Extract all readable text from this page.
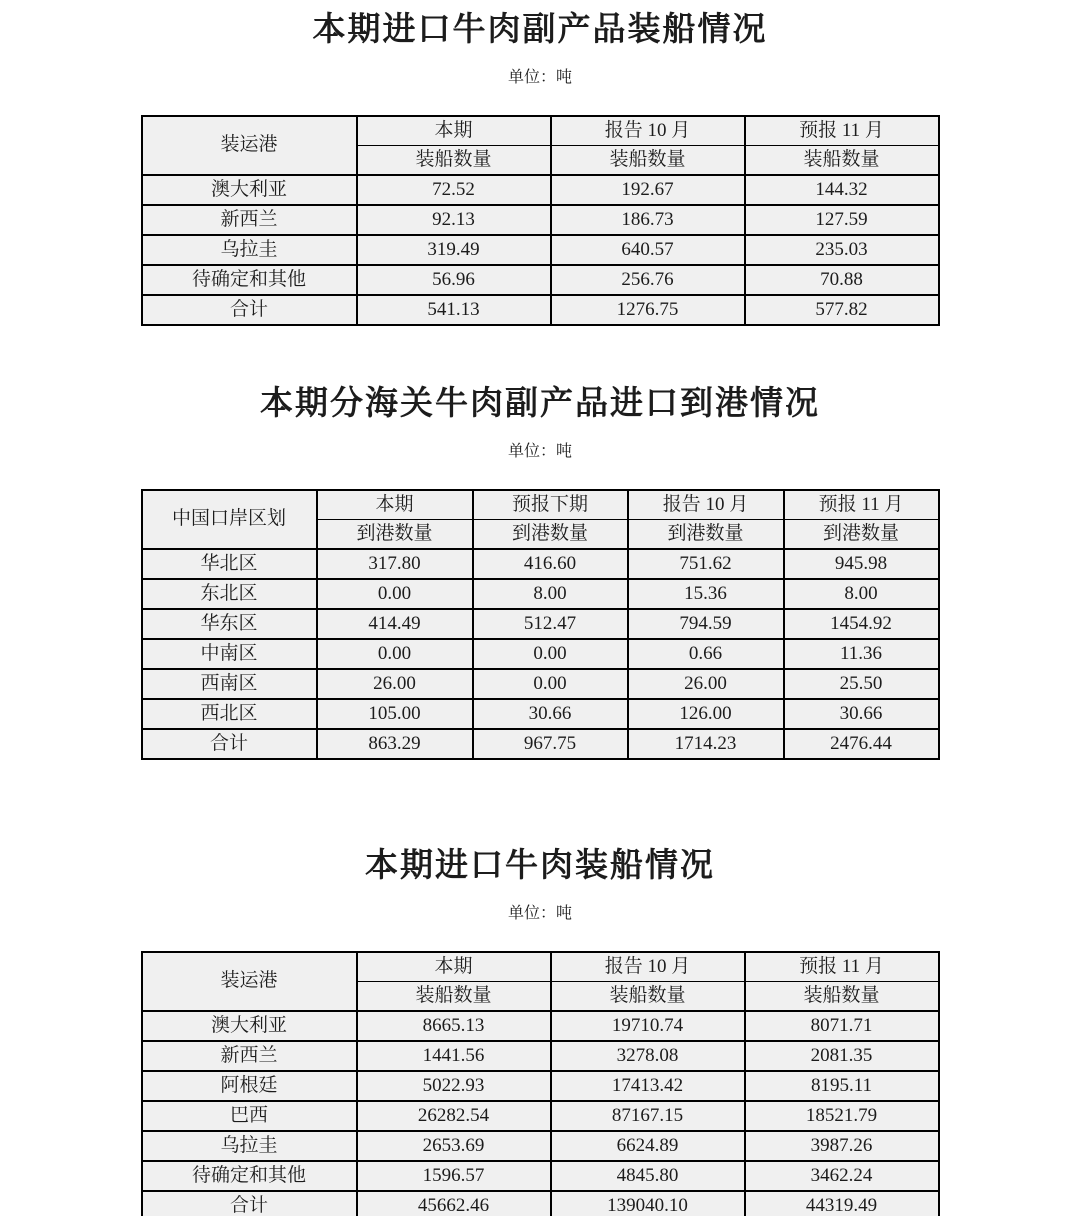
本期进口牛肉副产品装船情况
单位：吨
装运港	本期	报告 10 月	预报 11 月
	装船数量	装船数量	装船数量
澳大利亚	72.52	192.67	144.32
新西兰	92.13	186.73	127.59
乌拉圭	319.49	640.57	235.03
待确定和其他	56.96	256.76	70.88
合计	541.13	1276.75	577.82
本期分海关牛肉副产品进口到港情况
单位：吨
中国口岸区划	本期	预报下期	报告 10 月	预报 11 月
	到港数量	到港数量	到港数量	到港数量
华北区	317.80	416.60	751.62	945.98
东北区	0.00	8.00	15.36	8.00
华东区	414.49	512.47	794.59	1454.92
中南区	0.00	0.00	0.66	11.36
西南区	26.00	0.00	26.00	25.50
西北区	105.00	30.66	126.00	30.66
合计	863.29	967.75	1714.23	2476.44
本期进口牛肉装船情况
单位：吨
装运港	本期	报告 10 月	预报 11 月
	装船数量	装船数量	装船数量
澳大利亚	8665.13	19710.74	8071.71
新西兰	1441.56	3278.08	2081.35
阿根廷	5022.93	17413.42	8195.11
巴西	26282.54	87167.15	18521.79
乌拉圭	2653.69	6624.89	3987.26
待确定和其他	1596.57	4845.80	3462.24
合计	45662.46	139040.10	44319.49
